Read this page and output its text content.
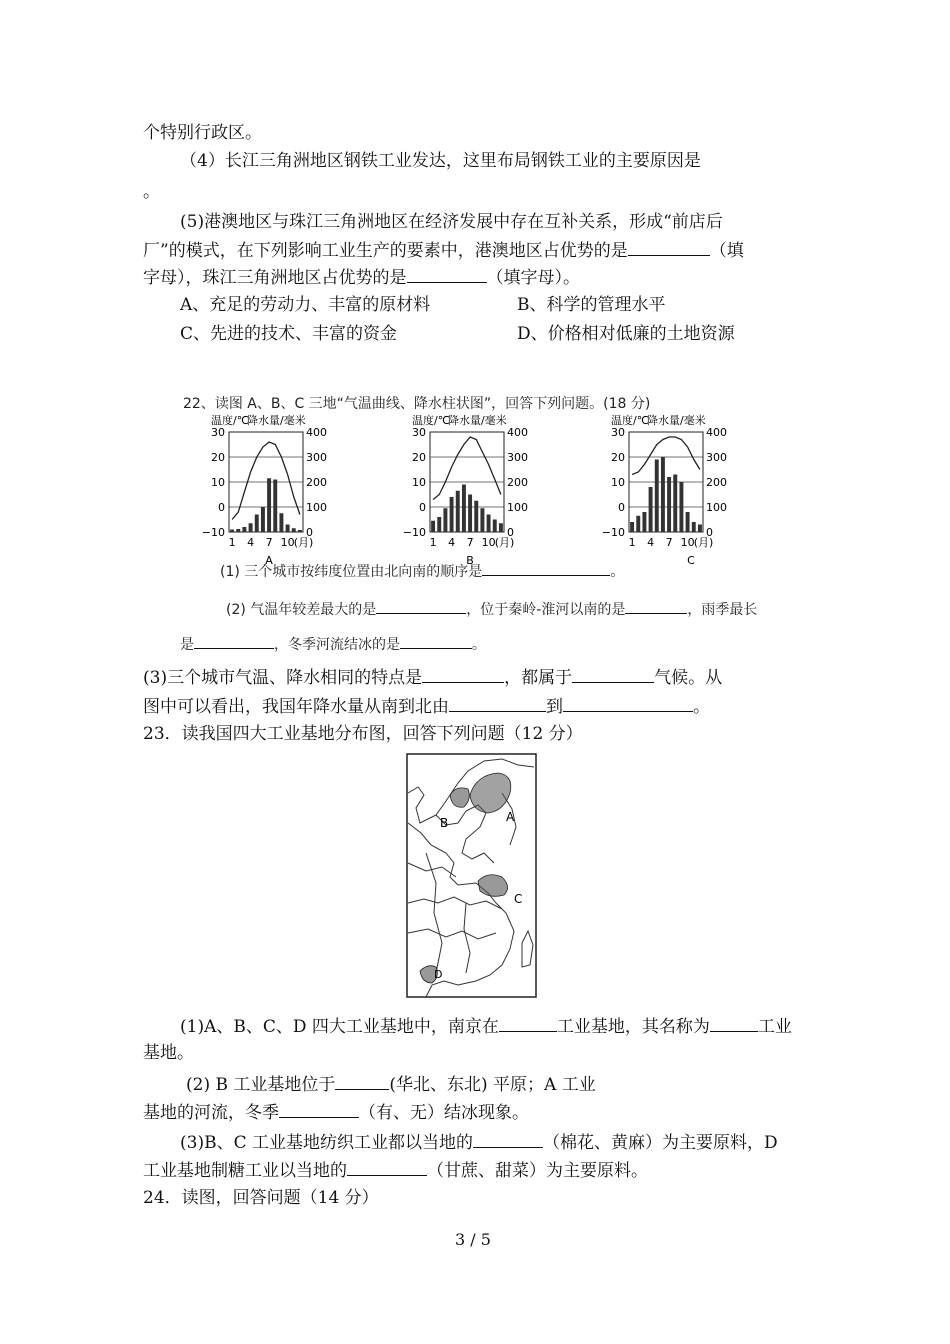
个特别行政区。
（4）长江三角洲地区钢铁工业发达，这里布局钢铁工业的主要原因是
。
(5)港澳地区与珠江三角洲地区在经济发展中存在互补关系，形成“前店后
厂”的模式，在下列影响工业生产的要素中，港澳地区占优势的是	（填
字母），珠江三角洲地区占优势的是	（填字母）。
A、充足的劳动力、丰富的原材料	B、科学的管理水平
C、先进的技术、丰富的资金	D、价格相对低廉的土地资源
22、读图 A、B、C 三地“气温曲线、降水柱状图”，回答下列问题。(18 分)
温度/℃
降水量/毫米
30	400
20	300
10	200
0	100
−10	0
1 4 7 10 (月)
A
温度/℃
降水量/毫米
30	400
20	300
10	200
0	100
−10	0
1 4 7 10 (月)
B
温度/℃
降水量/毫米
30	400
20	300
10	200
0	100
−10	0
1 4 7 10 (月)
C
(1) 三个城市按纬度位置由北向南的顺序是	。
(2) 气温年较差最大的是	，位于秦岭-淮河以南的是	，雨季最长
是	，冬季河流结冰的是	。
(3)三个城市气温、降水相同的特点是	，都属于	气候。从
图中可以看出，我国年降水量从南到北由	到	。
23．读我国四大工业基地分布图，回答下列问题（12 分）
A
B
C
D
(1)A、B、C、D 四大工业基地中，南京在	工业基地，其名称为	工业
基地。
(2) B 工业基地位于	(华北、东北) 平原；A 工业
基地的河流，冬季	（有、无）结冰现象。
(3)B、C 工业基地纺织工业都以当地的	（棉花、黄麻）为主要原料，D
工业基地制糖工业以当地的	（甘蔗、甜菜）为主要原料。
24．读图，回答问题（14 分）
3 / 5
